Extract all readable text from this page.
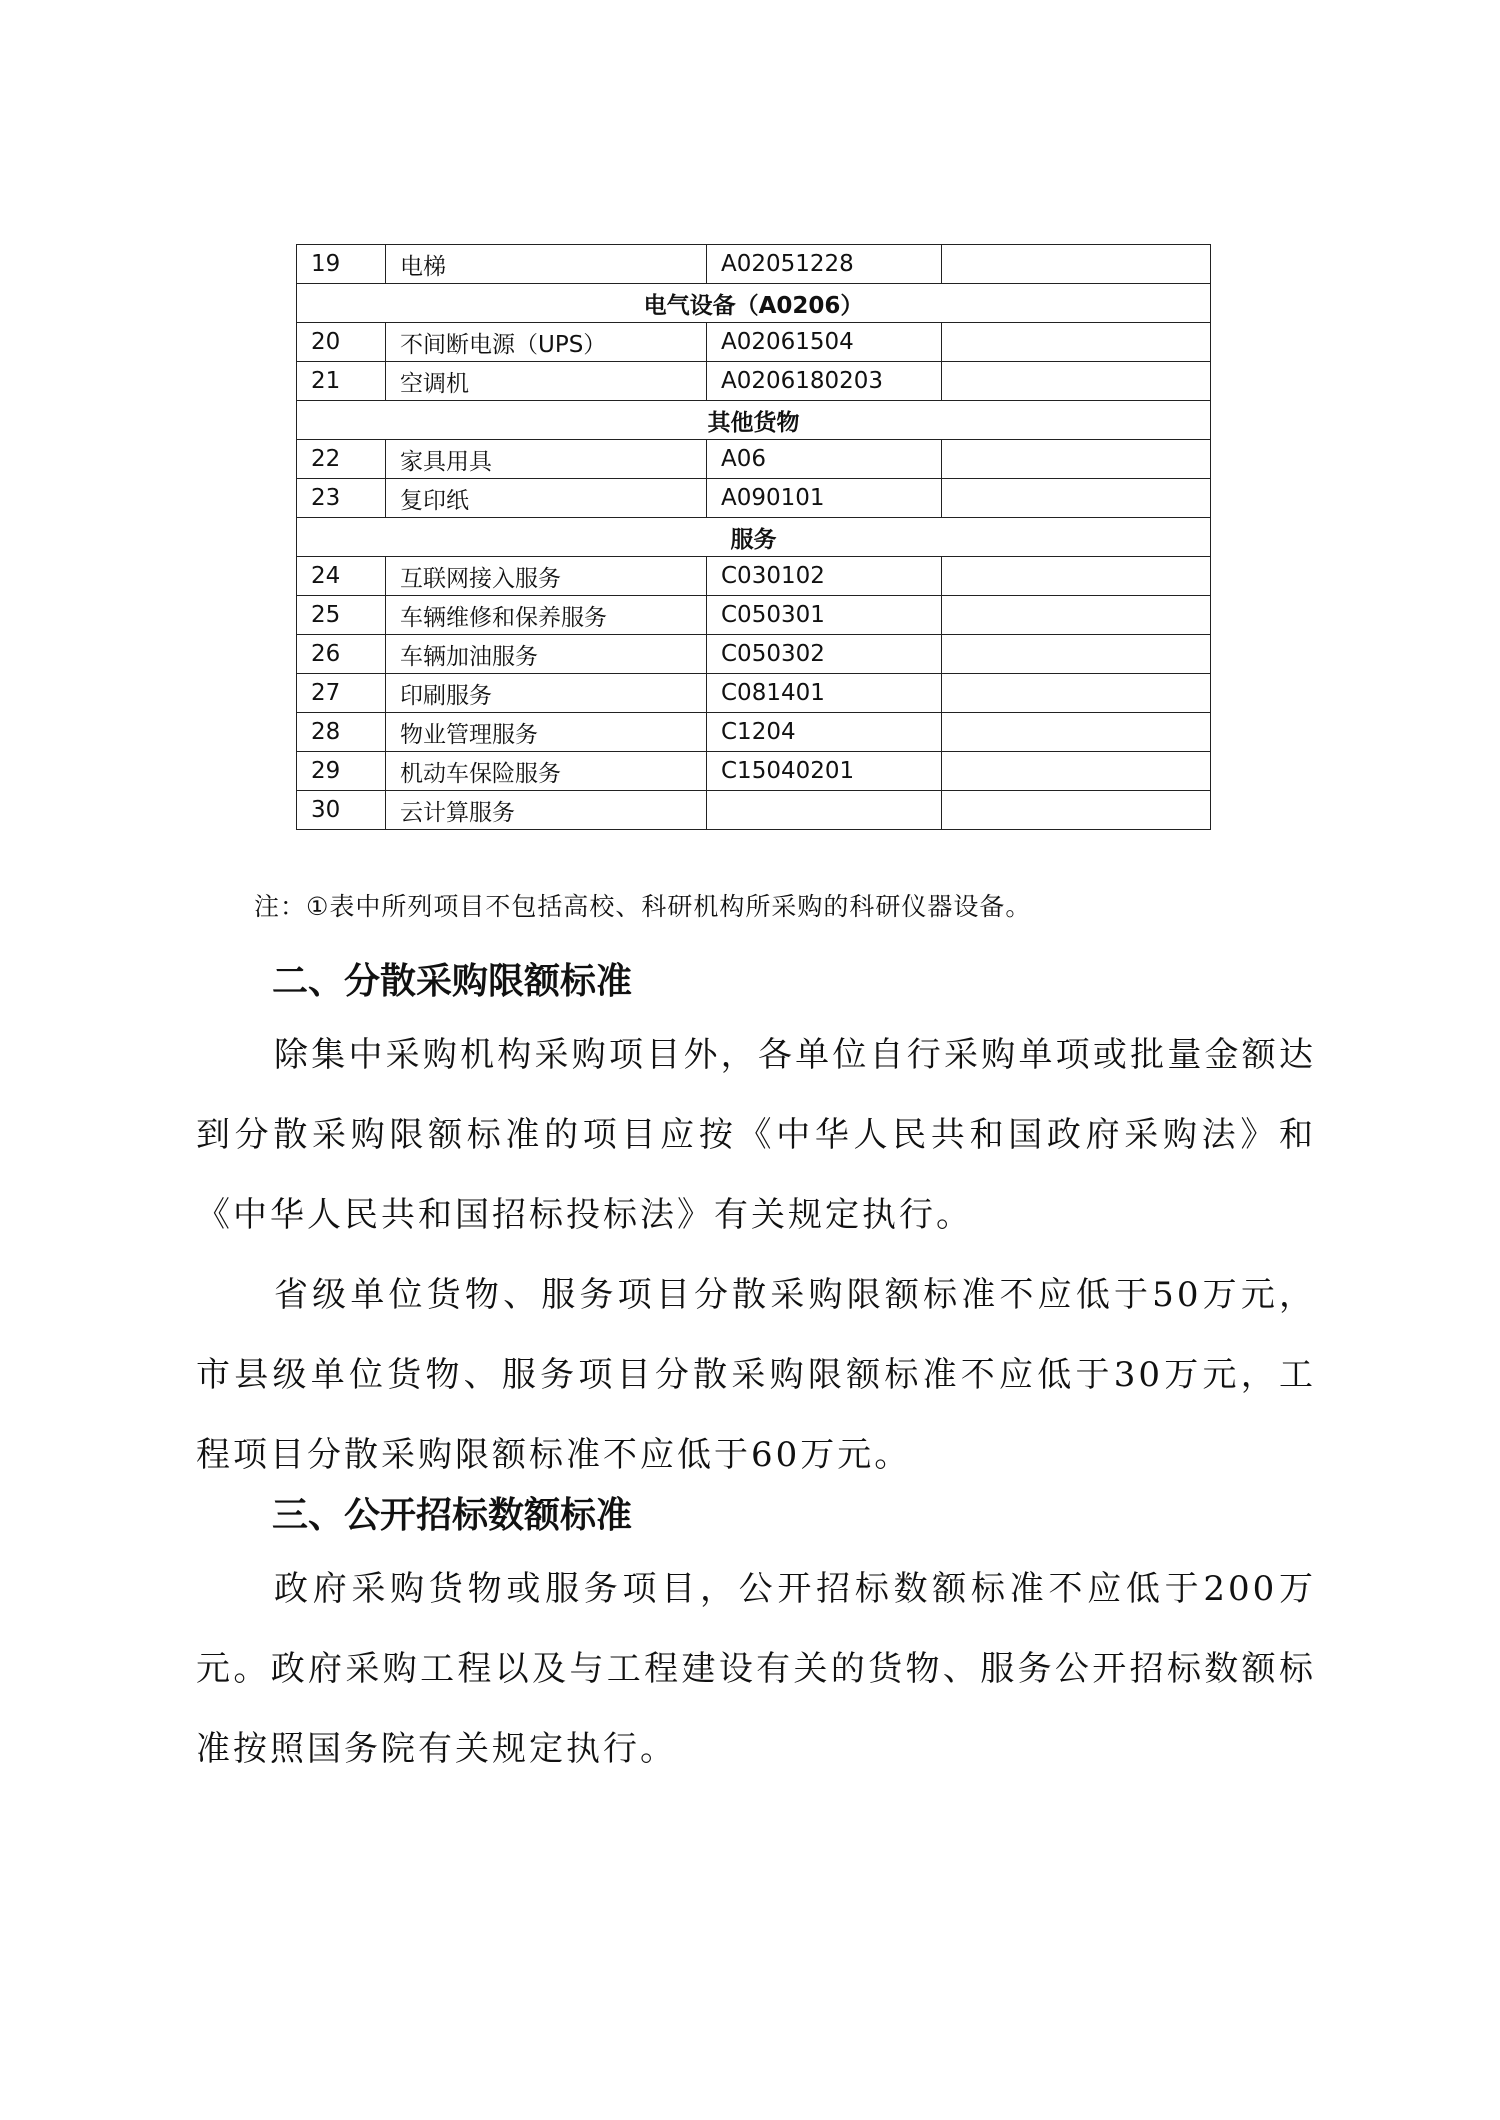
19	电梯	A02051228	
电气设备（A0206）			
20	不间断电源（UPS）	A02061504	
21	空调机	A0206180203	
其他货物			
22	家具用具	A06	
23	复印纸	A090101	
服务			
24	互联网接入服务	C030102	
25	车辆维修和保养服务	C050301	
26	车辆加油服务	C050302	
27	印刷服务	C081401	
28	物业管理服务	C1204	
29	机动车保险服务	C15040201	
30	云计算服务		
注：①表中所列项目不包括高校、科研机构所采购的科研仪器设备。
二、分散采购限额标准

除集中采购机构采购项目外，各单位自行采购单项或批量金额达到分散采购限额标准的项目应按《中华人民共和国政府采购法》和《中华人民共和国招标投标法》有关规定执行。

省级单位货物、服务项目分散采购限额标准不应低于50万元，市县级单位货物、服务项目分散采购限额标准不应低于30万元，工程项目分散采购限额标准不应低于60万元。

三、公开招标数额标准

政府采购货物或服务项目，公开招标数额标准不应低于200万元。政府采购工程以及与工程建设有关的货物、服务公开招标数额标准按照国务院有关规定执行。
